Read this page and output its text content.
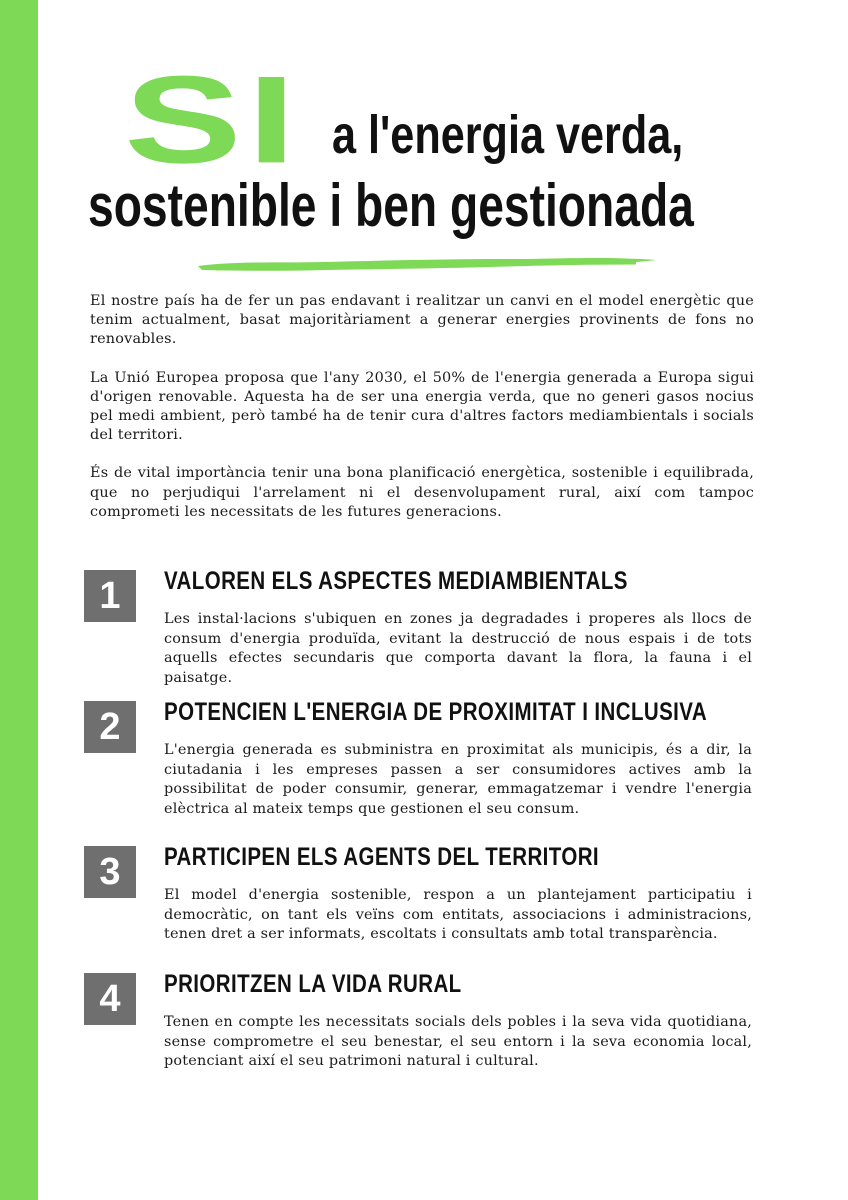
SI a l'energia verda,
sostenible i ben gestionada

El nostre país ha de fer un pas endavant i realitzar un canvi en el model energètic que tenim actualment, basat majoritàriament a generar energies provinents de fons no renovables.

La Unió Europea proposa que l'any 2030, el 50% de l'energia generada a Europa sigui d'origen renovable. Aquesta ha de ser una energia verda, que no generi gasos nocius pel medi ambient, però també ha de tenir cura d'altres factors mediambientals i socials del territori.

És de vital importància tenir una bona planificació energètica, sostenible i equilibrada, que no perjudiqui l'arrelament ni el desenvolupament rural, així com tampoc comprometi les necessitats de les futures generacions.

1	VALOREN ELS ASPECTES MEDIAMBIENTALS
Les instal·lacions s'ubiquen en zones ja degradades i properes als llocs de consum d'energia produïda, evitant la destrucció de nous espais i de tots aquells efectes secundaris que comporta davant la flora, la fauna i el paisatge.
2	POTENCIEN L'ENERGIA DE PROXIMITAT I INCLUSIVA
L'energia generada es subministra en proximitat als municipis, és a dir, la ciutadania i les empreses passen a ser consumidores actives amb la possibilitat de poder consumir, generar, emmagatzemar i vendre l'energia elèctrica al mateix temps que gestionen el seu consum.
3	PARTICIPEN ELS AGENTS DEL TERRITORI
El model d'energia sostenible, respon a un plantejament participatiu i democràtic, on tant els veïns com entitats, associacions i administracions, tenen dret a ser informats, escoltats i consultats amb total transparència.
4	PRIORITZEN LA VIDA RURAL
Tenen en compte les necessitats socials dels pobles i la seva vida quotidiana, sense comprometre el seu benestar, el seu entorn i la seva economia local, potenciant així el seu patrimoni natural i cultural.
